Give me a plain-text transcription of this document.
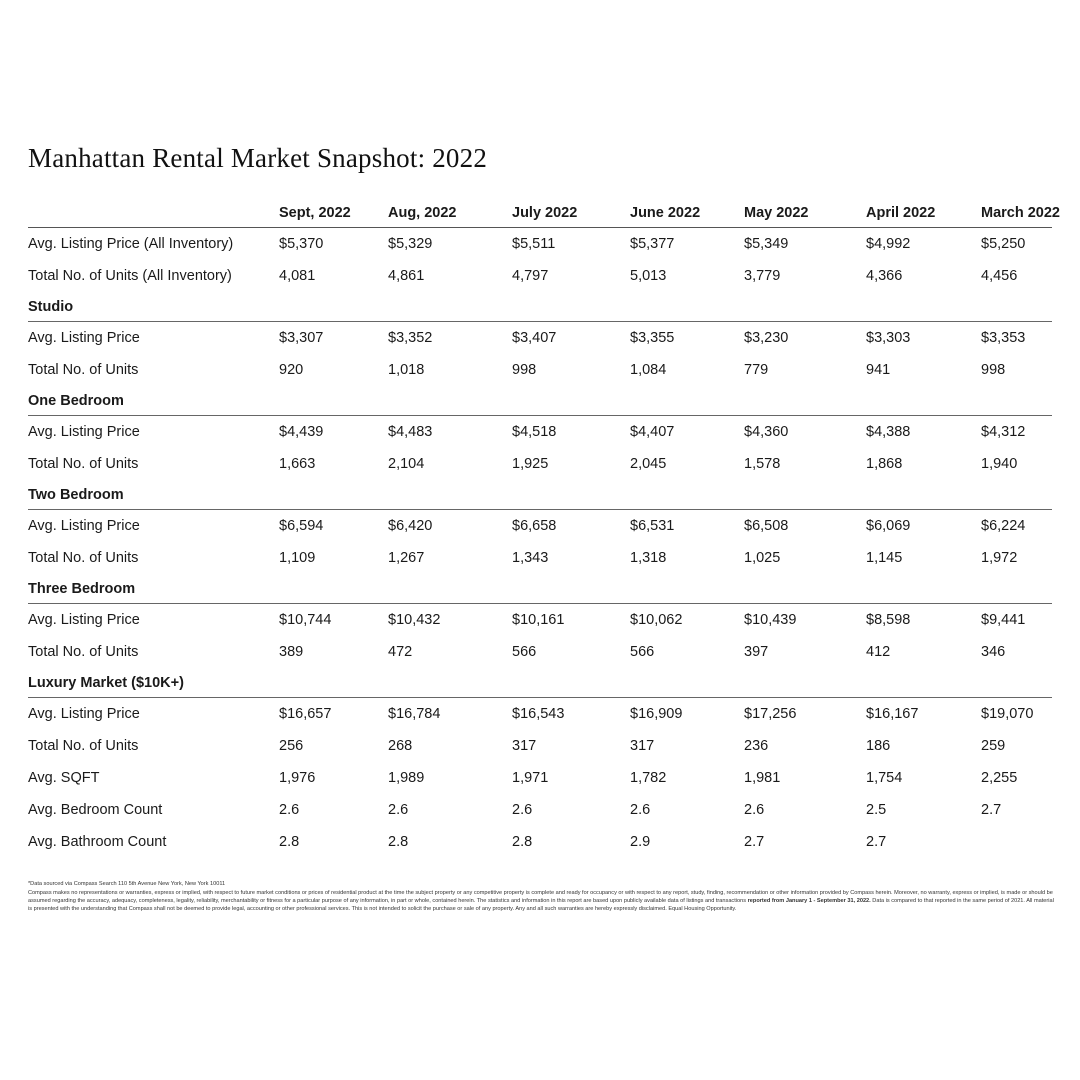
Manhattan Rental Market Snapshot: 2022
	Sept, 2022	Aug, 2022	July 2022	June 2022	May 2022	April 2022	March 2022
Avg. Listing Price (All Inventory)	$5,370	$5,329	$5,511	$5,377	$5,349	$4,992	$5,250
Total No. of Units (All Inventory)	4,081	4,861	4,797	5,013	3,779	4,366	4,456
Studio							
Avg. Listing Price	$3,307	$3,352	$3,407	$3,355	$3,230	$3,303	$3,353
Total No. of Units	920	1,018	998	1,084	779	941	998
One Bedroom							
Avg. Listing Price	$4,439	$4,483	$4,518	$4,407	$4,360	$4,388	$4,312
Total No. of Units	1,663	2,104	1,925	2,045	1,578	1,868	1,940
Two Bedroom							
Avg. Listing Price	$6,594	$6,420	$6,658	$6,531	$6,508	$6,069	$6,224
Total No. of Units	1,109	1,267	1,343	1,318	1,025	1,145	1,972
Three Bedroom							
Avg. Listing Price	$10,744	$10,432	$10,161	$10,062	$10,439	$8,598	$9,441
Total No. of Units	389	472	566	566	397	412	346
Luxury Market ($10K+)							
Avg. Listing Price	$16,657	$16,784	$16,543	$16,909	$17,256	$16,167	$19,070
Total No. of Units	256	268	317	317	236	186	259
Avg. SQFT	1,976	1,989	1,971	1,782	1,981	1,754	2,255
Avg. Bedroom Count	2.6	2.6	2.6	2.6	2.6	2.5	2.7
Avg. Bathroom Count	2.8	2.8	2.8	2.9	2.7	2.7	
*Data sourced via Compass Search 110 5th Avenue New York, New York 10011
Compass makes no representations or warranties, express or implied, with respect to future market conditions or prices of residential product at the time the subject property or any competitive property is complete and ready for occupancy or with respect to any report, study, finding, recommendation or other information provided by Compass herein. Moreover, no warranty, express or implied, is made or should be assumed regarding the accuracy, adequacy, completeness, legality, reliability, merchantability or fitness for a particular purpose of any information, in part or whole, contained herein. The statistics and information in this report are based upon publicly available data of listings and transactions reported from January 1 - September 31, 2022. Data is compared to that reported in the same period of 2021. All material is presented with the understanding that Compass shall not be deemed to provide legal, accounting or other professional services. This is not intended to solicit the purchase or sale of any property. Any and all such warranties are hereby expressly disclaimed. Equal Housing Opportunity.
